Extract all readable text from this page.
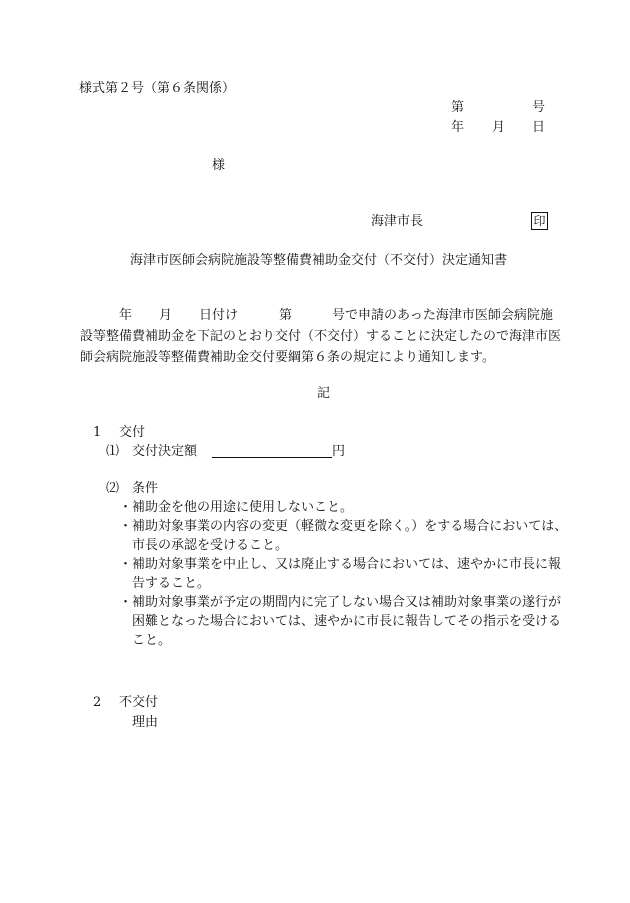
様式第２号（第６条関係）
第	号
年 月 日
様
海津市長	印
海津市医師会病院施設等整備費補助金交付（不交付）決定通知書
年 月 日付け	第	号で申請のあった海津市医師会病院施
設等整備費補助金を下記のとおり交付（不交付）することに決定したので海津市医
師会病院施設等整備費補助金交付要綱第６条の規定により通知します。
記
1 交付
⑴ 交付決定額	円
⑵ 条件
・補助金を他の用途に使用しないこと。
・補助対象事業の内容の変更（軽微な変更を除く。）をする場合においては、
市長の承認を受けること。
・補助対象事業を中止し、又は廃止する場合においては、速やかに市長に報
告すること。
・補助対象事業が予定の期間内に完了しない場合又は補助対象事業の遂行が
困難となった場合においては、速やかに市長に報告してその指示を受ける
こと。
2 不交付
理由
